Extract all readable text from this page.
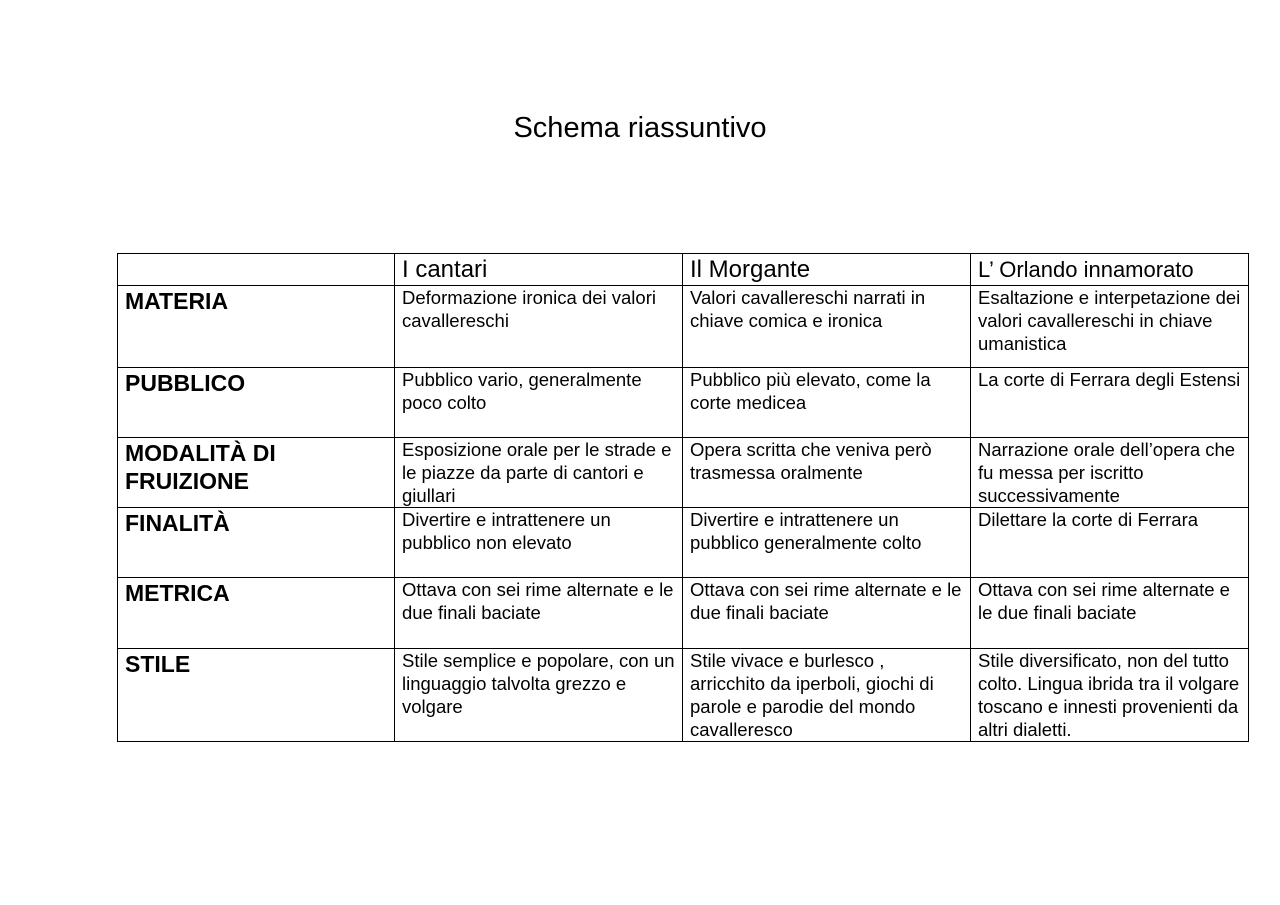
Schema riassuntivo
	I cantari	Il Morgante	L’ Orlando innamorato
MATERIA	Deformazione ironica dei valori cavallereschi	Valori cavallereschi narrati in chiave comica e ironica	Esaltazione e interpetazione dei valori cavallereschi in chiave umanistica
PUBBLICO	Pubblico vario, generalmente poco colto	Pubblico più elevato, come la corte medicea	La corte di Ferrara degli Estensi
MODALITÀ DI FRUIZIONE	Esposizione orale per le strade e le piazze da parte di cantori e giullari	Opera scritta che veniva però trasmessa oralmente	Narrazione orale dell’opera che fu messa per iscritto successivamente
FINALITÀ	Divertire e intrattenere un pubblico non elevato	Divertire e intrattenere un pubblico generalmente colto	Dilettare la corte di Ferrara
METRICA	Ottava con sei rime alternate e le due finali baciate	Ottava con sei rime alternate e le due finali baciate	Ottava con sei rime alternate e le due finali baciate
STILE	Stile semplice e popolare, con un linguaggio talvolta grezzo e volgare	Stile vivace e burlesco , arricchito da iperboli, giochi di parole e parodie del mondo cavalleresco	Stile diversificato, non del tutto colto. Lingua ibrida tra il volgare toscano e innesti provenienti da altri dialetti.
